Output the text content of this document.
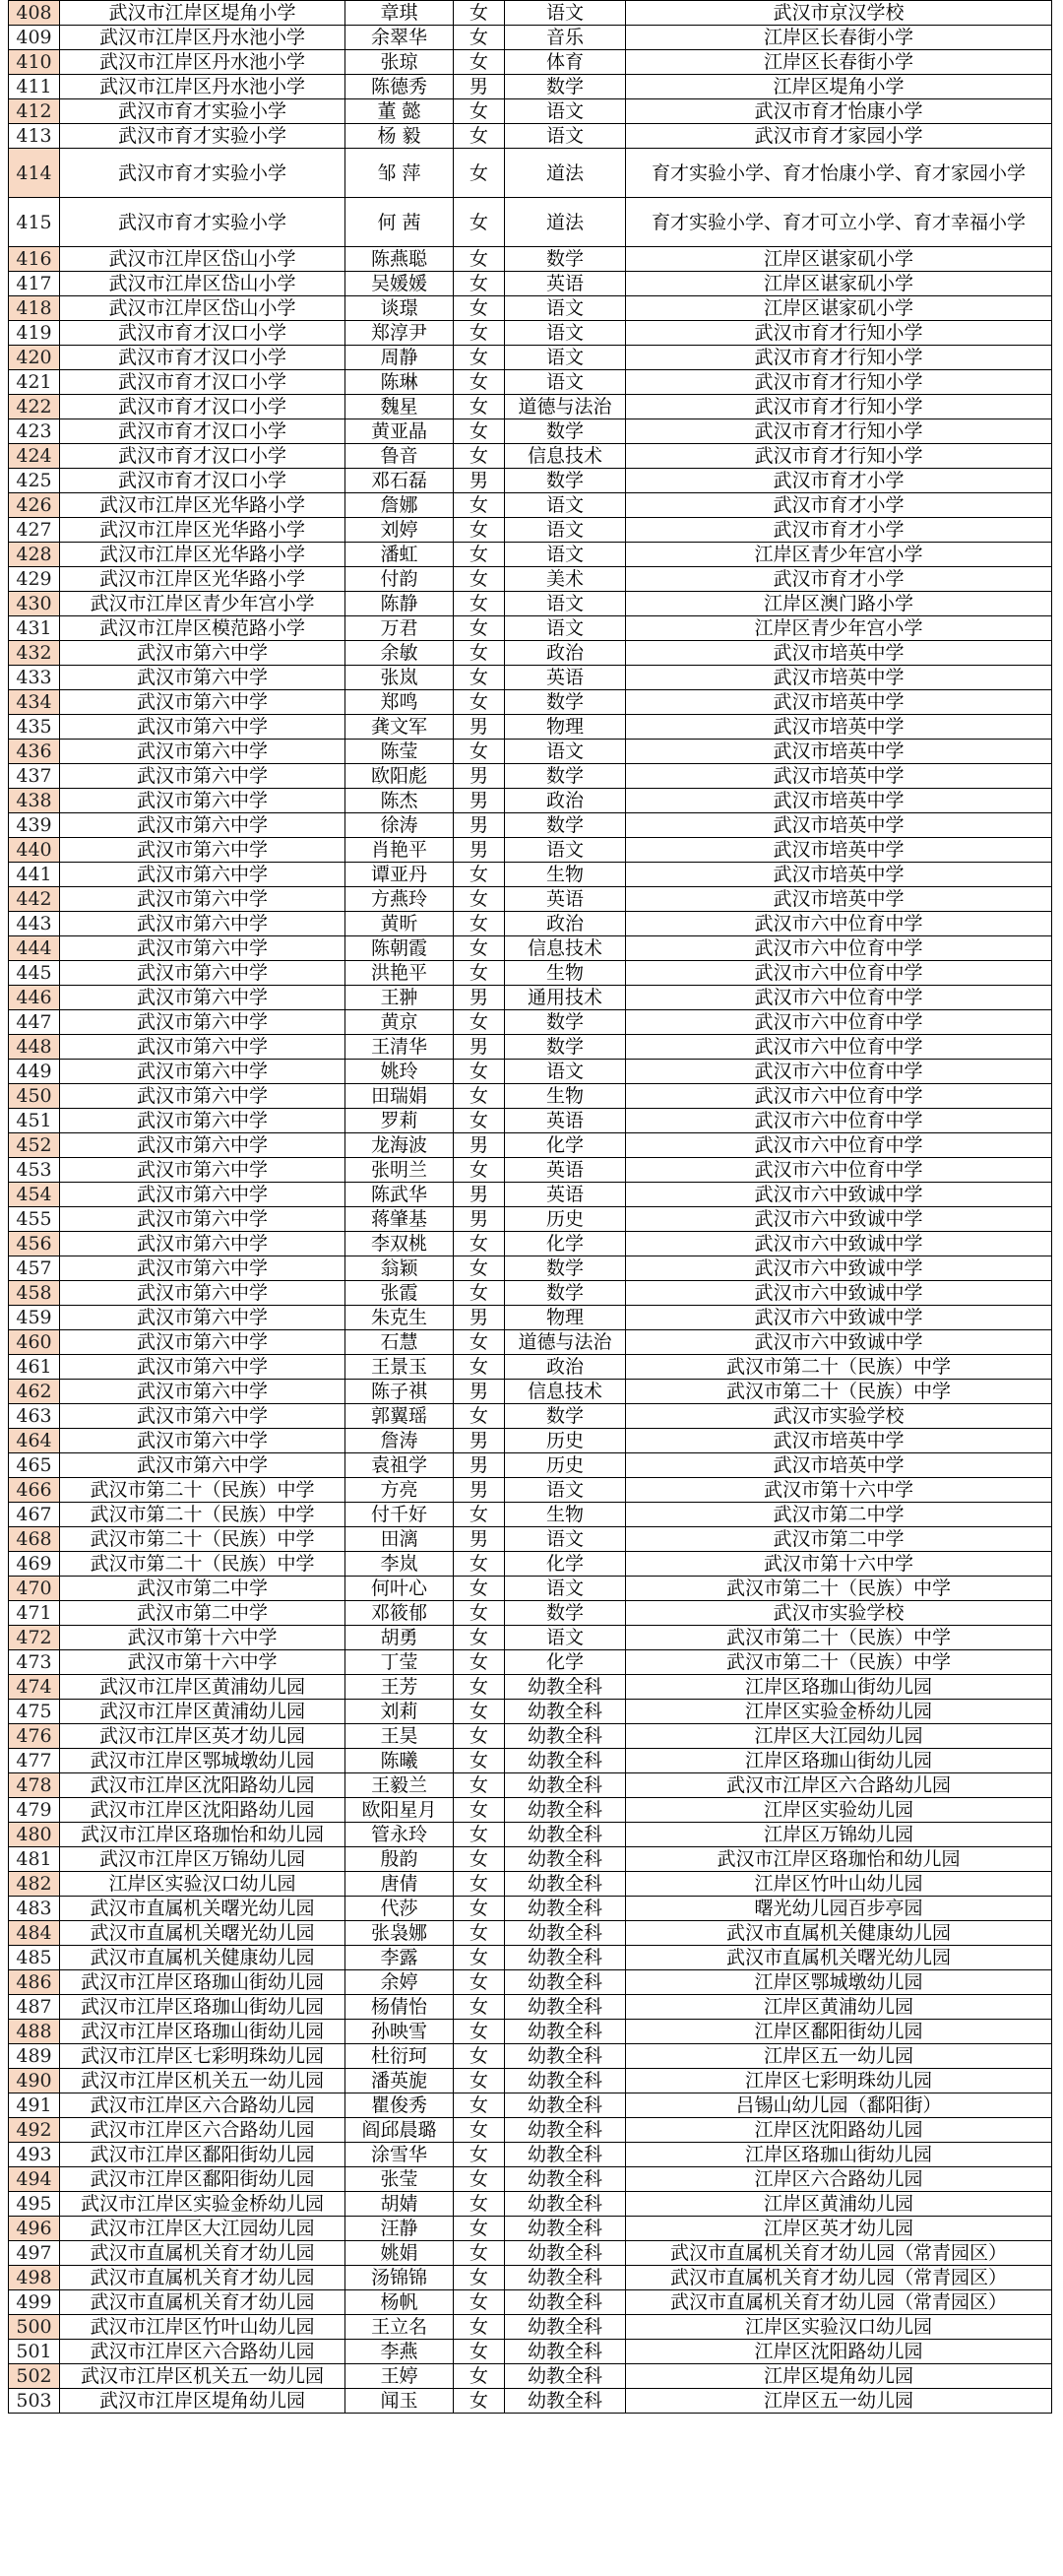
408	武汉市江岸区堤角小学	章琪	女	语文	武汉市京汉学校
409	武汉市江岸区丹水池小学	余翠华	女	音乐	江岸区长春街小学
410	武汉市江岸区丹水池小学	张琼	女	体育	江岸区长春街小学
411	武汉市江岸区丹水池小学	陈德秀	男	数学	江岸区堤角小学
412	武汉市育才实验小学	董 懿	女	语文	武汉市育才怡康小学
413	武汉市育才实验小学	杨 毅	女	语文	武汉市育才家园小学
414	武汉市育才实验小学	邹 萍	女	道法	育才实验小学、育才怡康小学、育才家园小学
415	武汉市育才实验小学	何 茜	女	道法	育才实验小学、育才可立小学、育才幸福小学
416	武汉市江岸区岱山小学	陈燕聪	女	数学	江岸区谌家矶小学
417	武汉市江岸区岱山小学	吴媛媛	女	英语	江岸区谌家矶小学
418	武汉市江岸区岱山小学	谈璟	女	语文	江岸区谌家矶小学
419	武汉市育才汉口小学	郑淳尹	女	语文	武汉市育才行知小学
420	武汉市育才汉口小学	周静	女	语文	武汉市育才行知小学
421	武汉市育才汉口小学	陈琳	女	语文	武汉市育才行知小学
422	武汉市育才汉口小学	魏星	女	道德与法治	武汉市育才行知小学
423	武汉市育才汉口小学	黄亚晶	女	数学	武汉市育才行知小学
424	武汉市育才汉口小学	鲁音	女	信息技术	武汉市育才行知小学
425	武汉市育才汉口小学	邓石磊	男	数学	武汉市育才小学
426	武汉市江岸区光华路小学	詹娜	女	语文	武汉市育才小学
427	武汉市江岸区光华路小学	刘婷	女	语文	武汉市育才小学
428	武汉市江岸区光华路小学	潘虹	女	语文	江岸区青少年宫小学
429	武汉市江岸区光华路小学	付韵	女	美术	武汉市育才小学
430	武汉市江岸区青少年宫小学	陈静	女	语文	江岸区澳门路小学
431	武汉市江岸区模范路小学	万君	女	语文	江岸区青少年宫小学
432	武汉市第六中学	余敏	女	政治	武汉市培英中学
433	武汉市第六中学	张岚	女	英语	武汉市培英中学
434	武汉市第六中学	郑鸣	女	数学	武汉市培英中学
435	武汉市第六中学	龚文军	男	物理	武汉市培英中学
436	武汉市第六中学	陈莹	女	语文	武汉市培英中学
437	武汉市第六中学	欧阳彪	男	数学	武汉市培英中学
438	武汉市第六中学	陈杰	男	政治	武汉市培英中学
439	武汉市第六中学	徐涛	男	数学	武汉市培英中学
440	武汉市第六中学	肖艳平	男	语文	武汉市培英中学
441	武汉市第六中学	谭亚丹	女	生物	武汉市培英中学
442	武汉市第六中学	方燕玲	女	英语	武汉市培英中学
443	武汉市第六中学	黄昕	女	政治	武汉市六中位育中学
444	武汉市第六中学	陈朝霞	女	信息技术	武汉市六中位育中学
445	武汉市第六中学	洪艳平	女	生物	武汉市六中位育中学
446	武汉市第六中学	王翀	男	通用技术	武汉市六中位育中学
447	武汉市第六中学	黄京	女	数学	武汉市六中位育中学
448	武汉市第六中学	王清华	男	数学	武汉市六中位育中学
449	武汉市第六中学	姚玲	女	语文	武汉市六中位育中学
450	武汉市第六中学	田瑞娟	女	生物	武汉市六中位育中学
451	武汉市第六中学	罗莉	女	英语	武汉市六中位育中学
452	武汉市第六中学	龙海波	男	化学	武汉市六中位育中学
453	武汉市第六中学	张明兰	女	英语	武汉市六中位育中学
454	武汉市第六中学	陈武华	男	英语	武汉市六中致诚中学
455	武汉市第六中学	蒋肇基	男	历史	武汉市六中致诚中学
456	武汉市第六中学	李双桃	女	化学	武汉市六中致诚中学
457	武汉市第六中学	翁颖	女	数学	武汉市六中致诚中学
458	武汉市第六中学	张霞	女	数学	武汉市六中致诚中学
459	武汉市第六中学	朱克生	男	物理	武汉市六中致诚中学
460	武汉市第六中学	石慧	女	道德与法治	武汉市六中致诚中学
461	武汉市第六中学	王景玉	女	政治	武汉市第二十（民族）中学
462	武汉市第六中学	陈子祺	男	信息技术	武汉市第二十（民族）中学
463	武汉市第六中学	郭翼瑶	女	数学	武汉市实验学校
464	武汉市第六中学	詹涛	男	历史	武汉市培英中学
465	武汉市第六中学	袁祖学	男	历史	武汉市培英中学
466	武汉市第二十（民族）中学	方亮	男	语文	武汉市第十六中学
467	武汉市第二十（民族）中学	付千好	女	生物	武汉市第二中学
468	武汉市第二十（民族）中学	田漓	男	语文	武汉市第二中学
469	武汉市第二十（民族）中学	李岚	女	化学	武汉市第十六中学
470	武汉市第二中学	何叶心	女	语文	武汉市第二十（民族）中学
471	武汉市第二中学	邓筱郁	女	数学	武汉市实验学校
472	武汉市第十六中学	胡勇	女	语文	武汉市第二十（民族）中学
473	武汉市第十六中学	丁莹	女	化学	武汉市第二十（民族）中学
474	武汉市江岸区黄浦幼儿园	王芳	女	幼教全科	江岸区珞珈山街幼儿园
475	武汉市江岸区黄浦幼儿园	刘莉	女	幼教全科	江岸区实验金桥幼儿园
476	武汉市江岸区英才幼儿园	王昊	女	幼教全科	江岸区大江园幼儿园
477	武汉市江岸区鄂城墩幼儿园	陈曦	女	幼教全科	江岸区珞珈山街幼儿园
478	武汉市江岸区沈阳路幼儿园	王毅兰	女	幼教全科	武汉市江岸区六合路幼儿园
479	武汉市江岸区沈阳路幼儿园	欧阳星月	女	幼教全科	江岸区实验幼儿园
480	武汉市江岸区珞珈怡和幼儿园	管永玲	女	幼教全科	江岸区万锦幼儿园
481	武汉市江岸区万锦幼儿园	殷韵	女	幼教全科	武汉市江岸区珞珈怡和幼儿园
482	江岸区实验汉口幼儿园	唐倩	女	幼教全科	江岸区竹叶山幼儿园
483	武汉市直属机关曙光幼儿园	代莎	女	幼教全科	曙光幼儿园百步亭园
484	武汉市直属机关曙光幼儿园	张袅娜	女	幼教全科	武汉市直属机关健康幼儿园
485	武汉市直属机关健康幼儿园	李露	女	幼教全科	武汉市直属机关曙光幼儿园
486	武汉市江岸区珞珈山街幼儿园	余婷	女	幼教全科	江岸区鄂城墩幼儿园
487	武汉市江岸区珞珈山街幼儿园	杨倩怡	女	幼教全科	江岸区黄浦幼儿园
488	武汉市江岸区珞珈山街幼儿园	孙映雪	女	幼教全科	江岸区鄱阳街幼儿园
489	武汉市江岸区七彩明珠幼儿园	杜衍珂	女	幼教全科	江岸区五一幼儿园
490	武汉市江岸区机关五一幼儿园	潘英旎	女	幼教全科	江岸区七彩明珠幼儿园
491	武汉市江岸区六合路幼儿园	瞿俊秀	女	幼教全科	吕锡山幼儿园（鄱阳街）
492	武汉市江岸区六合路幼儿园	阎邱晨璐	女	幼教全科	江岸区沈阳路幼儿园
493	武汉市江岸区鄱阳街幼儿园	涂雪华	女	幼教全科	江岸区珞珈山街幼儿园
494	武汉市江岸区鄱阳街幼儿园	张莹	女	幼教全科	江岸区六合路幼儿园
495	武汉市江岸区实验金桥幼儿园	胡婧	女	幼教全科	江岸区黄浦幼儿园
496	武汉市江岸区大江园幼儿园	汪静	女	幼教全科	江岸区英才幼儿园
497	武汉市直属机关育才幼儿园	姚娟	女	幼教全科	武汉市直属机关育才幼儿园（常青园区）
498	武汉市直属机关育才幼儿园	汤锦锦	女	幼教全科	武汉市直属机关育才幼儿园（常青园区）
499	武汉市直属机关育才幼儿园	杨帆	女	幼教全科	武汉市直属机关育才幼儿园（常青园区）
500	武汉市江岸区竹叶山幼儿园	王立名	女	幼教全科	江岸区实验汉口幼儿园
501	武汉市江岸区六合路幼儿园	李燕	女	幼教全科	江岸区沈阳路幼儿园
502	武汉市江岸区机关五一幼儿园	王婷	女	幼教全科	江岸区堤角幼儿园
503	武汉市江岸区堤角幼儿园	闻玉	女	幼教全科	江岸区五一幼儿园
